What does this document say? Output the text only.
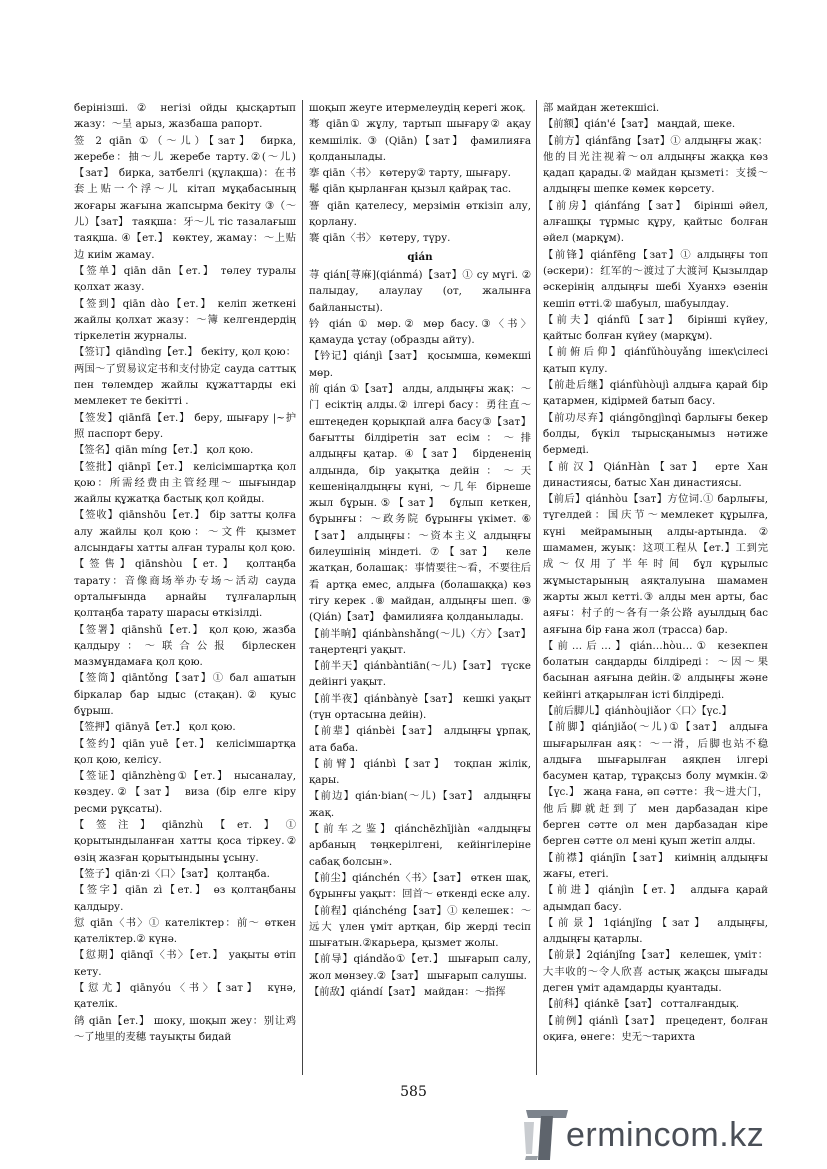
берінізші. ② негізі ойды қысқартып жазу：～呈 арыз, жазбаша рапорт.

签 2 qiān ①（～儿）【зат】 бирка, жеребе：抽～儿 жеребе тарту.②(～儿)【зат】 бирка, затбелгі (құлақша)：在书套上贴一个浮～儿 кітап мұқабасының жоғары жағына жапсырма бекіту ③（～儿）【зат】 таяқша：牙～儿 тіс тазалағыш таяқша. ④【ет.】 көктеу, жамау：～上贴边 киім жамау.

【签单】qiān dān【ет.】 төлеу туралы қолхат жазу.

【签到】qiān dào【ет.】 келіп жеткені жайлы қолхат жазу：～簿 келгендердің тіркелетін журналы.

【签订】qiāndìng【ет.】 бекіту, қол қою：两国～了贸易议定书和支付协定 сауда саттық пен төлемдер жайлы құжаттарды екі мемлекет те бекітті .

【签发】qiānfā【ет.】 беру, шығару |~护照 паспорт беру.

【签名】qiān míng【ет.】 қол қою.

【签批】qiānpī【ет.】 келісімшартқа қол қою：所需经费由主管经理～ шығындар жайлы құжатқа бастық қол қойды.

【签收】qiānshōu【ет.】 бір затты қолға алу жайлы қол қою：～文件 қызмет алсындағы хатты алған туралы қол қою.

【签售】qiānshòu【ет.】 қолтаңба тарату：音像商场举办专场～活动 сауда орталығында арнайы тұлғаларлың қолтаңба тарату шарасы өткізілді.

【签署】qiānshǔ【ет.】 қол қою, жазба қалдыру：～联合公报 бірлескен мазмұндамаға қол қою.

【签筒】qiāntǒng【зат】① бал ашатын біркалар бар ыдыс (стақан).② қуыс бұрыш.

【签押】qiānyā【ет.】 қол қою.

【签约】qiān yuē【ет.】 келісімшартқа қол қою, келісу.

【签证】qiānzhèng①【ет.】 нысаналау, көздеу.②【зат】 виза (бір елге кіру ресми рұқсаты).

【签注】qiānzhù【ет.】① қорытындыланған хатты қоса тіркеу.② өзің жазған қорытындыны ұсыну.

【签子】qiān·zi〈口〉【зат】 қолтаңба.

【签字】qiān zì【ет.】 өз қолтаңбаны қалдыру.

愆 qiān〈书〉① кателіктер：前～ өткен қателіктер.② күнә.

【愆期】qiānqī〈书〉【ет.】 уақыты өтіп кету.

【愆尤】qiānyóu〈书〉【зат】 күнә, қателік.

鹐 qiān【ет.】 шоку, шоқып жеу：别让鸡～了地里的麦穗 тауықты бидай

шоқып жеуге итермелеудің керегі жоқ.

骞 qiān① жұлу, тартып шығару② ақау кемшілік. ③ (Qiān)【зат】 фамилияға қолданылады.

搴 qiān〈书〉 көтеру② тарту, шығару.

鬈 qiān қырланған қызыл қайрақ тас.

謇 qiān қателесу, мерзімін өткізіп алу, қорлану.

褰 qiān〈书〉 көтеру, түру.

qián

荨 qián[荨麻](qiánmá)【зат】① су мүгі. ② палыдау, алаулау (от, жалынға байланысты).

钤 qián ① мөр.② мөр басу.③〈书〉 қамауда ұстау (образды айту).

【钤记】qiánjì【зат】 қосымша, көмекші мөр.

前 qián ①【зат】 алды, алдыңғы жақ：～门 есіктің алды.② ілгері басу：勇往直～ ештеңеден қорықпай алға басу③【зат】 бағытты білдіретін зат есім：～排 алдыңғы қатар. ④【зат】 бірдененің алдында, бір уақытқа дейін：～天 кешеніңалдыңғы күні, ～几年 бірнеше жыл бұрын.⑤【зат】 бұлып кеткен, бұрынғы：～政务院 бұрынғы үкімет. ⑥【зат】 алдыңғы：～资本主义 алдыңғы билеушінің міндеті. ⑦【зат】 келе жатқан, болашақ：事情要往～看，不要往后看 артқа емес, алдыға (болашаққа) көз тігу керек .⑧ майдан, алдыңғы шеп. ⑨ (Qián)【зат】 фамилияға қолданылады.

【前半晌】qiánbànshǎng(～儿)〈方〉【зат】 таңертеңгі уақыт.

【前半天】qiánbàntiān(～儿)【зат】 түске дейінгі уақыт.

【前半夜】qiánbànyè【зат】 кешкі уақыт (түн ортасына дейін).

【前辈】qiánbèi【зат】 алдыңғы ұрпақ, ата баба.

【前臂】qiánbì【зат】 тоқпан жілік, қары.

【前边】qián·bian(～儿)【зат】 алдыңғы жақ.

【前车之鉴】qiánchēzhījiàn «алдыңғы арбаның төңкерілгені, кейінгілеріне сабақ болсын».

【前尘】qiánchén〈书〉【зат】 өткен шақ, бұрынғы уақыт：回首～ өткенді еске алу.

【前程】qiánchéng【зат】① келешек：～远大 үлен үміт артқан, бір жерді тесіп шығатын.②карьера, қызмет жолы.

【前导】qiándǎo①【ет.】 шығарып салу, жол мөнзеу.②【зат】 шығарып салушы.

【前敌】qiándí【зат】 майдан：～指挥

部 майдан жетекшісі.

【前额】qián'é【зат】 маңдай, шеке.

【前方】qiánfāng【зат】① алдыңғы жақ：他的目光注视着～ол алдыңғы жаққа көз қадап қарады.② майдан қызметі：支援～алдыңғы шепке көмек көрсету.

【前房】qiánfáng【зат】 бірінші әйел, алғашқы тұрмыс құру, қайтыс болған әйел (марқұм).

【前锋】qiánfēng【зат】① алдыңғы топ (әскери)：红军的～渡过了大渡河 Қызылдар әскерінің алдыңғы шебі Хуанхэ өзенін кешіп өтті.② шабуыл, шабуылдау.

【前夫】qiánfū【зат】 бірінші күйеу, қайтыс болған күйеу (марқұм).

【前俯后仰】qiánfǔhòuyǎng ішек\сілесі қатып күлу.

【前赴后继】qiánfùhòujì алдыға қарай бір қатармен, кідірмей батып басу.

【前功尽弃】qiángōngjìnqì барлығы бекер болды, бүкіл тырысқанымыз нәтиже бермеді.

【前汉】QiánHàn【зат】 ерте Хан династиясы, батыс Хан династиясы.

【前后】qiánhòu【зат】方位词.① барлығы, түгелдей：国庆节～мемлекет құрылға, күні мейрамының алды-артында.② шамамен, жуық：这项工程从【ет.】工到完成～仅用了半年时间 бұл құрылыс жұмыстарының аяқталуына шамамен жарты жыл кетті.③ алды мен арты, бас аяғы：村子的～各有一条公路 ауылдың бас аяғына бір ғана жол (трасса) бар.

【前…后…】qián…hòu…① кезекпен болатын саңдарды білдіреді：～因～果 басынан аяғына дейін.② алдыңғы және кейінгі атқарылған істі білдіреді.

【前后脚儿】qiánhòujiǎor〈口〉【үс.】

【前脚】qiánjiǎo(～儿)①【зат】 алдыға шығарылған аяқ：～一滑，后脚也站不稳 алдыға шығарылған аяқпен ілгері басумен қатар, тұрақсыз болу мүмкін.②【үс.】 жаңа ғана, әп сәтте：我～进大门，他后脚就赶到了 мен дарбазадан кіре берген сәтте ол мен дарбазадан кіре берген сәтте ол мені қуып жетіп алды.

【前襟】qiánjīn【зат】 киімнің алдыңғы жағы, етегі.

【前进】qiánjìn【ет.】 алдыға қарай адымдап басу.

【前景】1qiánjǐng【зат】 алдыңғы, алдыңғы қатарлы.

【前景】2qiánjǐng【зат】 келешек, үміт：大丰收的～令人欣喜 астық жақсы шығады деген үміт адамдарды қуантады.

【前科】qiánkē【зат】 сотталғандық.

【前例】qiánlì【зат】 прецедент, болған оқиға, өнеге：史无～тарихта

585
ermincom.kz
